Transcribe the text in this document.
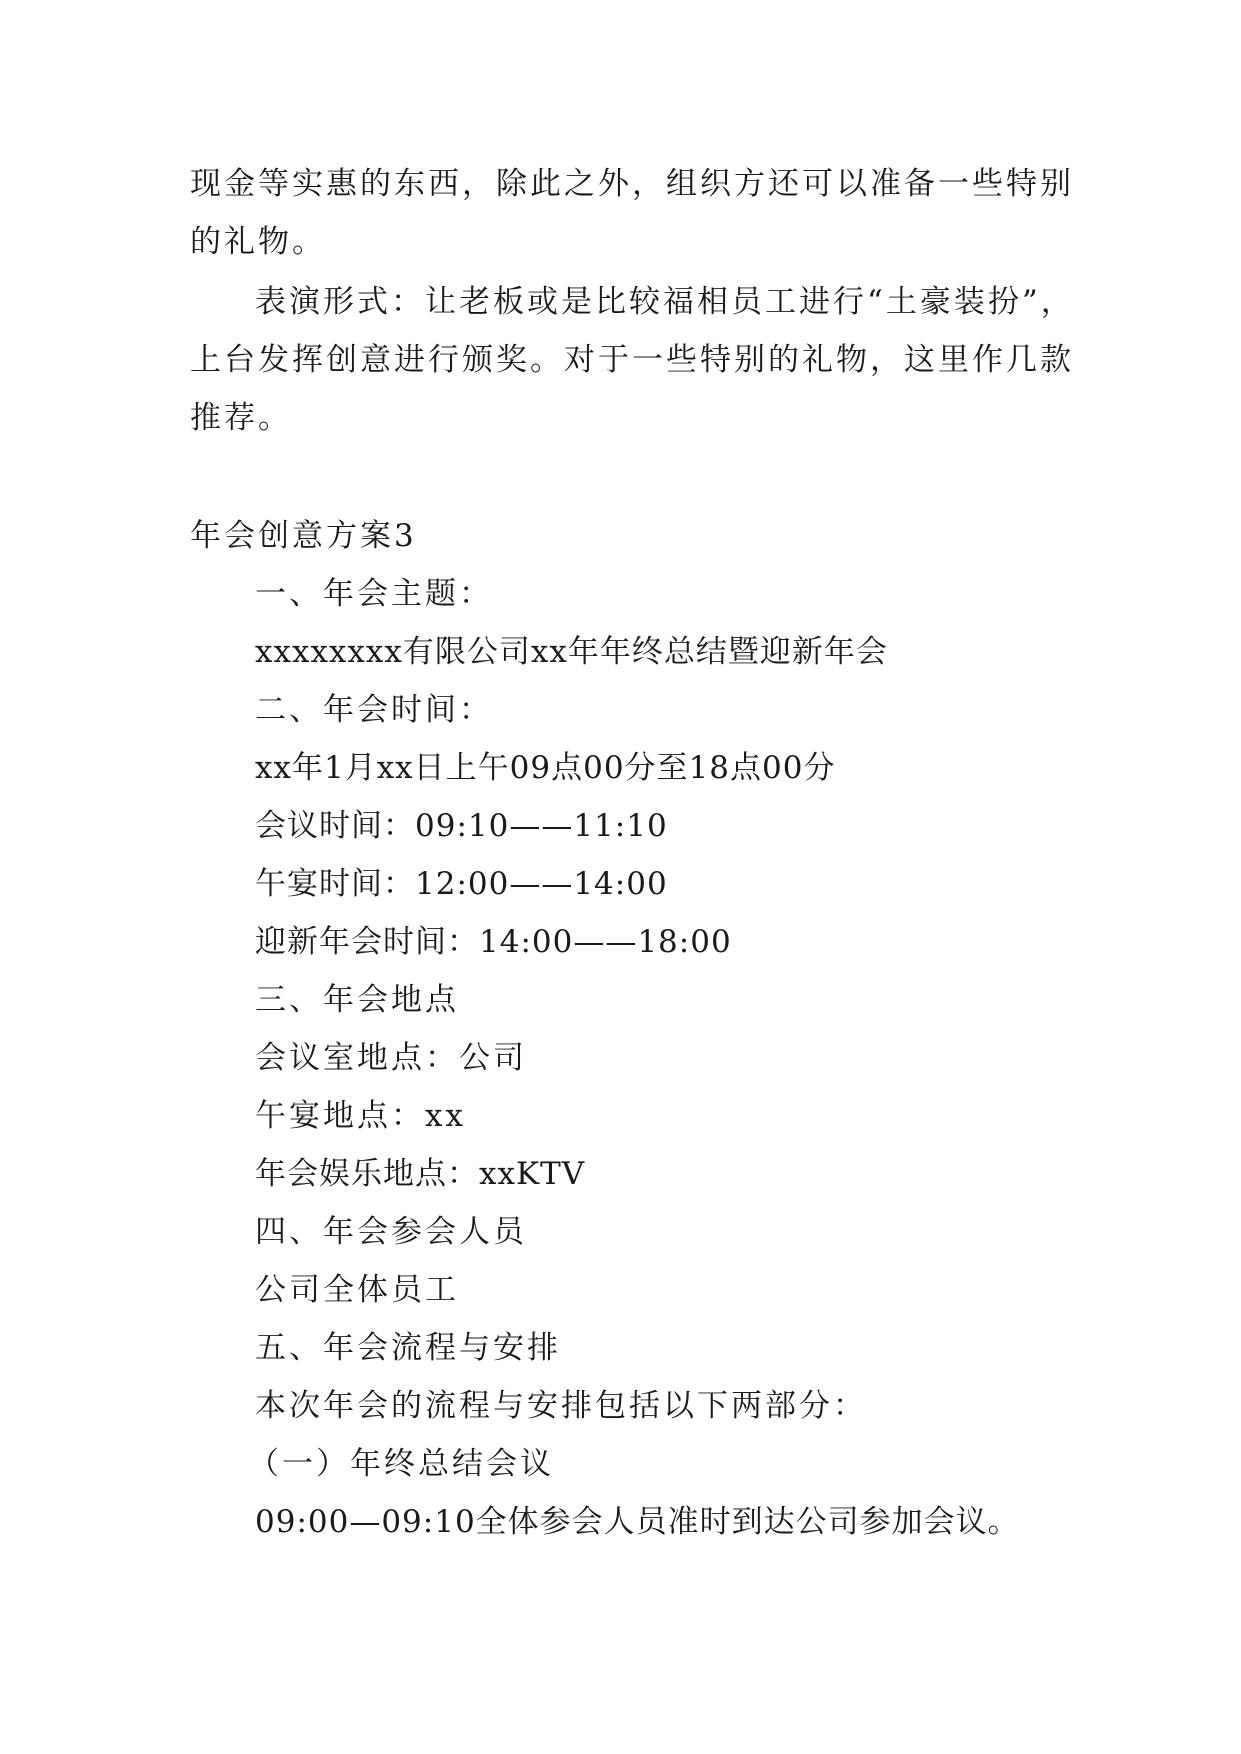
现金等实惠的东西，除此之外，组织方还可以准备一些特别
的礼物。
表演形式：让老板或是比较福相员工进行“土豪装扮”，
上台发挥创意进行颁奖。对于一些特别的礼物，这里作几款
推荐。
年会创意方案3
一、年会主题：
xxxxxxxx有限公司xx年年终总结暨迎新年会
二、年会时间：
xx年1月xx日上午09点00分至18点00分
会议时间：09:10——11:10
午宴时间：12:00——14:00
迎新年会时间：14:00——18:00
三、年会地点
会议室地点：公司
午宴地点：xx
年会娱乐地点：xxKTV
四、年会参会人员
公司全体员工
五、年会流程与安排
本次年会的流程与安排包括以下两部分：
（一）年终总结会议
09:00—09:10全体参会人员准时到达公司参加会议。
